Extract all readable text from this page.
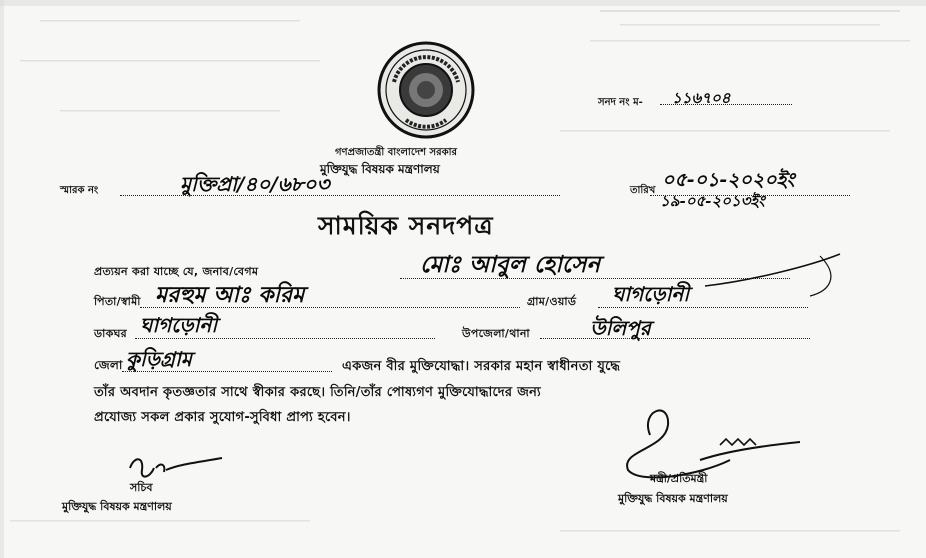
সনদ নং ম- ১১৬৭০৪
গণপ্রজাতন্ত্রী বাংলাদেশ সরকার
মুক্তিযুদ্ধ বিষয়ক মন্ত্রণালয়
স্মারক নং	মুক্তিপ্রা/৪০/৬৮০৩	তারিখ ০৫-০১-২০২০ইং
১৯-০৫-২০১৩ইং
সাময়িক সনদপত্র
প্রত্যয়ন করা যাচ্ছে যে, জনাব/বেগম	মোঃ আবুল হোসেন
পিতা/স্বামী মরহুম আঃ করিম	গ্রাম/ওয়ার্ড ঘাগড়োনী
ডাকঘর ঘাগড়োনী	উপজেলা/থানা	উলিপুর
জেলা কুড়িগ্রাম	একজন বীর মুক্তিযোদ্ধা। সরকার মহান স্বাধীনতা যুদ্ধে
তাঁর অবদান কৃতজ্ঞতার সাথে স্বীকার করছে। তিনি/তাঁর পোষ্যগণ মুক্তিযোদ্ধাদের জন্য
প্রযোজ্য সকল প্রকার সুযোগ-সুবিধা প্রাপ্য হবেন।
সচিব
মুক্তিযুদ্ধ বিষয়ক মন্ত্রণালয়
মন্ত্রী/প্রতিমন্ত্রী
মুক্তিযুদ্ধ বিষয়ক মন্ত্রণালয়
